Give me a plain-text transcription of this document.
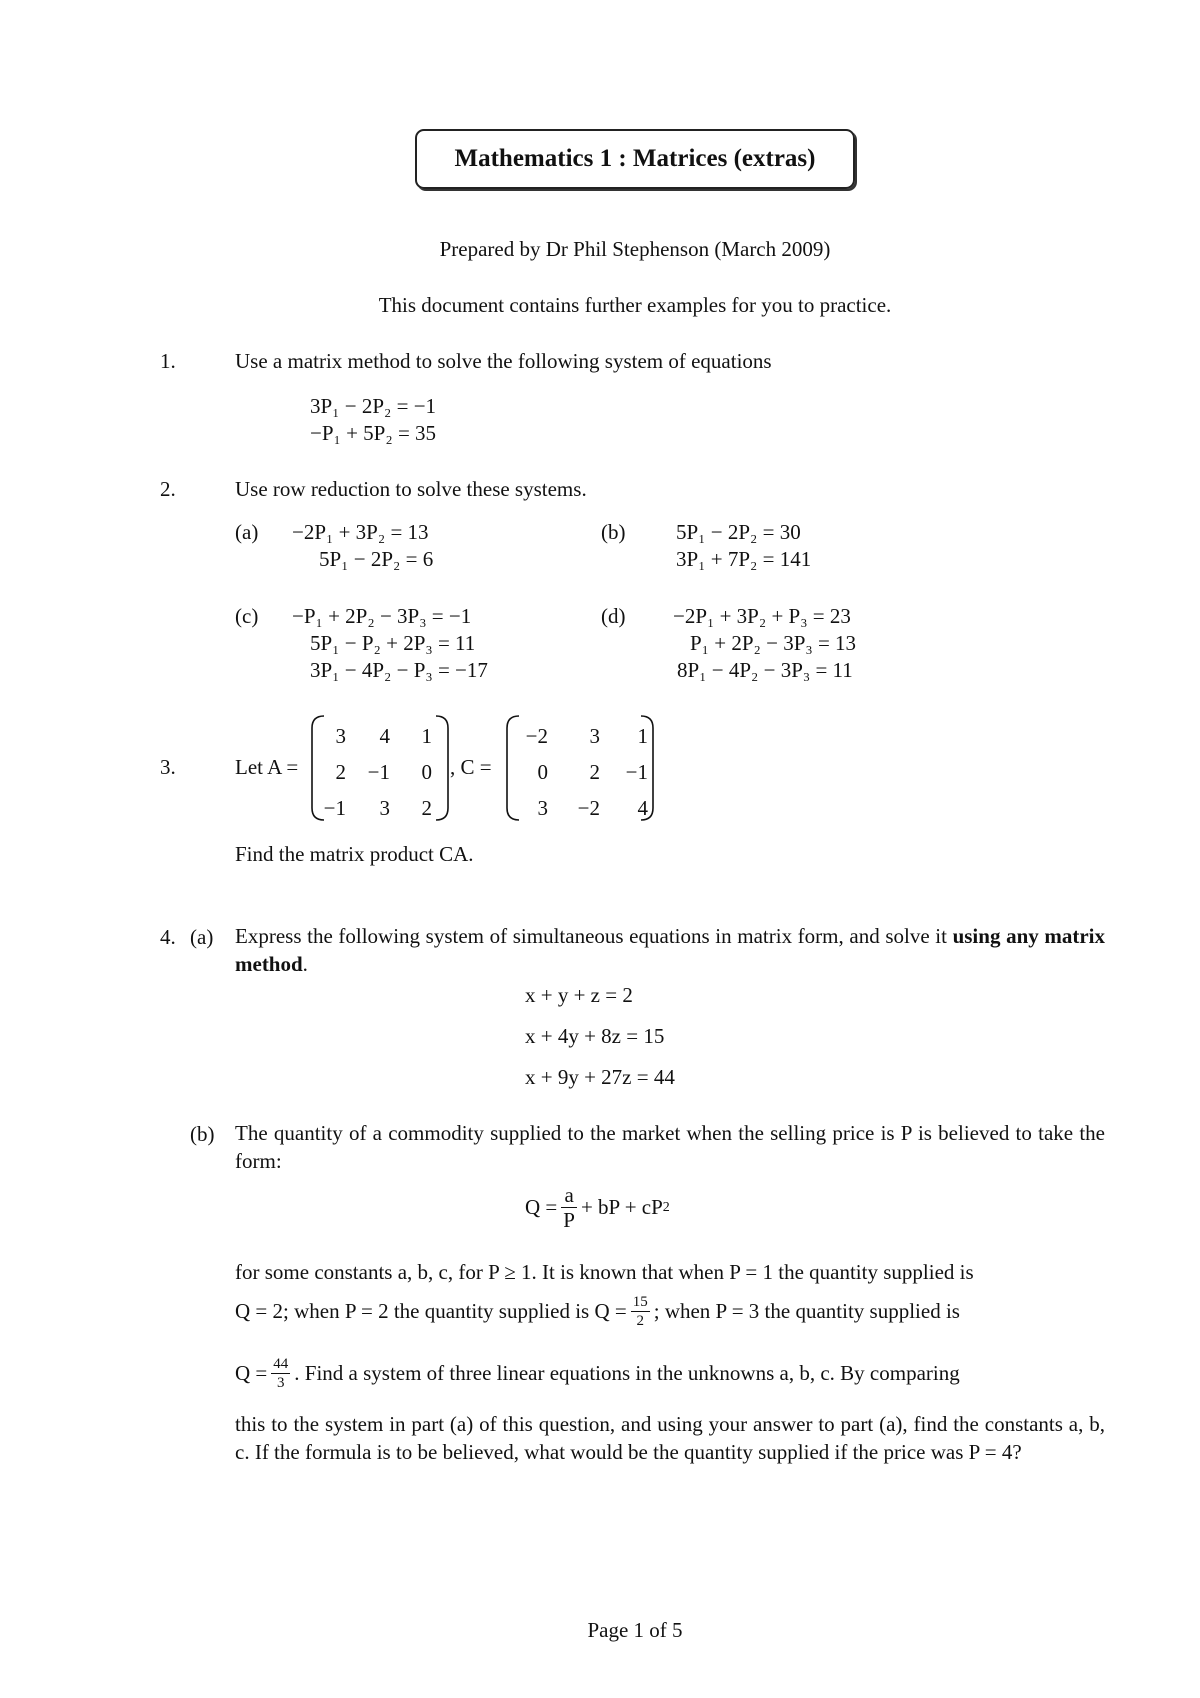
Mathematics 1 : Matrices (extras)
Prepared by Dr Phil Stephenson (March 2009)
This document contains further examples for you to practice.
1.	Use a matrix method to solve the following system of equations
3P₁ − 2P₂ = −1
−P₁ + 5P₂ = 35
2.	Use row reduction to solve these systems.
(a) −2P₁ + 3P₂ = 13
5P₁ − 2P₂ = 6
(b) 5P₁ − 2P₂ = 30
3P₁ + 7P₂ = 141
(c) −P₁ + 2P₂ − 3P₃ = −1
5P₁ − P₂ + 2P₃ = 11
3P₁ − 4P₂ − P₃ = −17
(d) −2P₁ + 3P₂ + P₃ = 23
P₁ + 2P₂ − 3P₃ = 13
8P₁ − 4P₂ − 3P₃ = 11
3.	Let A =
3	4	1
2	−1	0
−1	3	2
, C =
−2	3	1
0	2	−1
3	−2	4
Find the matrix product CA.
4. (a) Express the following system of simultaneous equations in matrix form, and solve it using any matrix method.
x + y + z = 2
x + 4y + 8z = 15
x + 9y + 27z = 44
(b) The quantity of a commodity supplied to the market when the selling price is P is believed to take the form:
$Q = \frac{a}{P}$ + bP + cP 2
for some constants a, b, c, for P ≥ 1. It is known that when P = 1 the quantity supplied is
Q = 2; when P = 2 the quantity supplied is $Q = \frac{15}{2}$ ; when P = 3 the quantity supplied is
$Q = \frac{44}{3}$ . Find a system of three linear equations in the unknowns a, b, c. By comparing
this to the system in part (a) of this question, and using your answer to part (a), find the constants a, b, c. If the formula is to be believed, what would be the quantity supplied if the price was P = 4?
Page 1 of 5
